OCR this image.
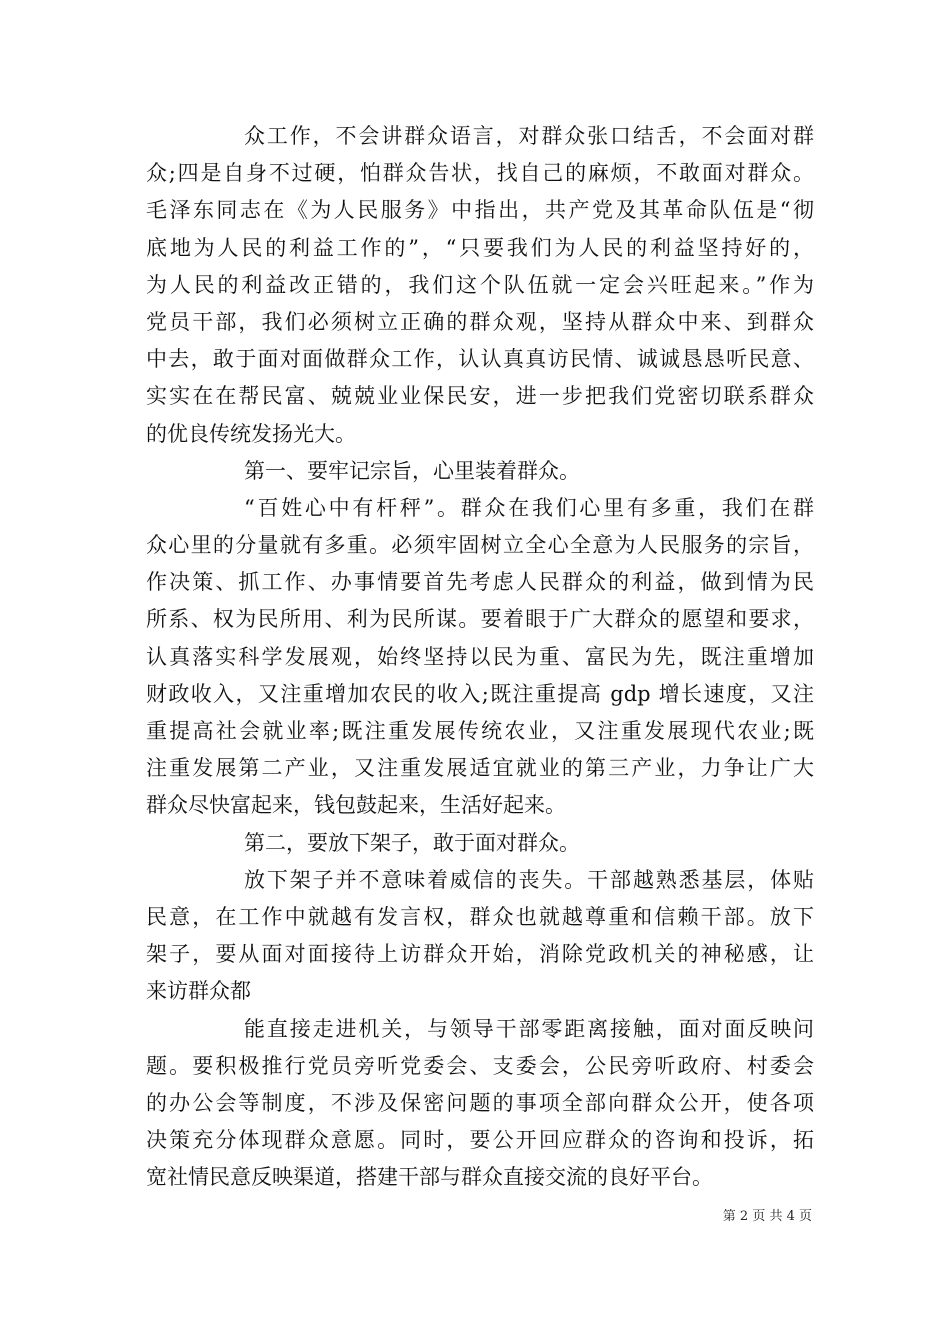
众工作，不会讲群众语言，对群众张口结舌，不会面对群
众;四是自身不过硬，怕群众告状，找自己的麻烦，不敢面对群众。
毛泽东同志在《为人民服务》中指出，共产党及其革命队伍是“彻
底地为人民的利益工作的”，“只要我们为人民的利益坚持好的，
为人民的利益改正错的，我们这个队伍就一定会兴旺起来。”作为
党员干部，我们必须树立正确的群众观，坚持从群众中来、到群众
中去，敢于面对面做群众工作，认认真真访民情、诚诚恳恳听民意、
实实在在帮民富、兢兢业业保民安，进一步把我们党密切联系群众
的优良传统发扬光大。
第一、要牢记宗旨，心里装着群众。
“百姓心中有杆秤”。群众在我们心里有多重，我们在群
众心里的分量就有多重。必须牢固树立全心全意为人民服务的宗旨，
作决策、抓工作、办事情要首先考虑人民群众的利益，做到情为民
所系、权为民所用、利为民所谋。要着眼于广大群众的愿望和要求，
认真落实科学发展观，始终坚持以民为重、富民为先，既注重增加
财政收入，又注重增加农民的收入;既注重提高 gdp 增长速度，又注
重提高社会就业率;既注重发展传统农业，又注重发展现代农业;既
注重发展第二产业，又注重发展适宜就业的第三产业，力争让广大
群众尽快富起来，钱包鼓起来，生活好起来。
第二，要放下架子，敢于面对群众。
放下架子并不意味着威信的丧失。干部越熟悉基层，体贴
民意，在工作中就越有发言权，群众也就越尊重和信赖干部。放下
架子，要从面对面接待上访群众开始，消除党政机关的神秘感，让
来访群众都
能直接走进机关，与领导干部零距离接触，面对面反映问
题。要积极推行党员旁听党委会、支委会，公民旁听政府、村委会
的办公会等制度，不涉及保密问题的事项全部向群众公开，使各项
决策充分体现群众意愿。同时，要公开回应群众的咨询和投诉，拓
宽社情民意反映渠道，搭建干部与群众直接交流的良好平台。
第 2 页 共 4 页
